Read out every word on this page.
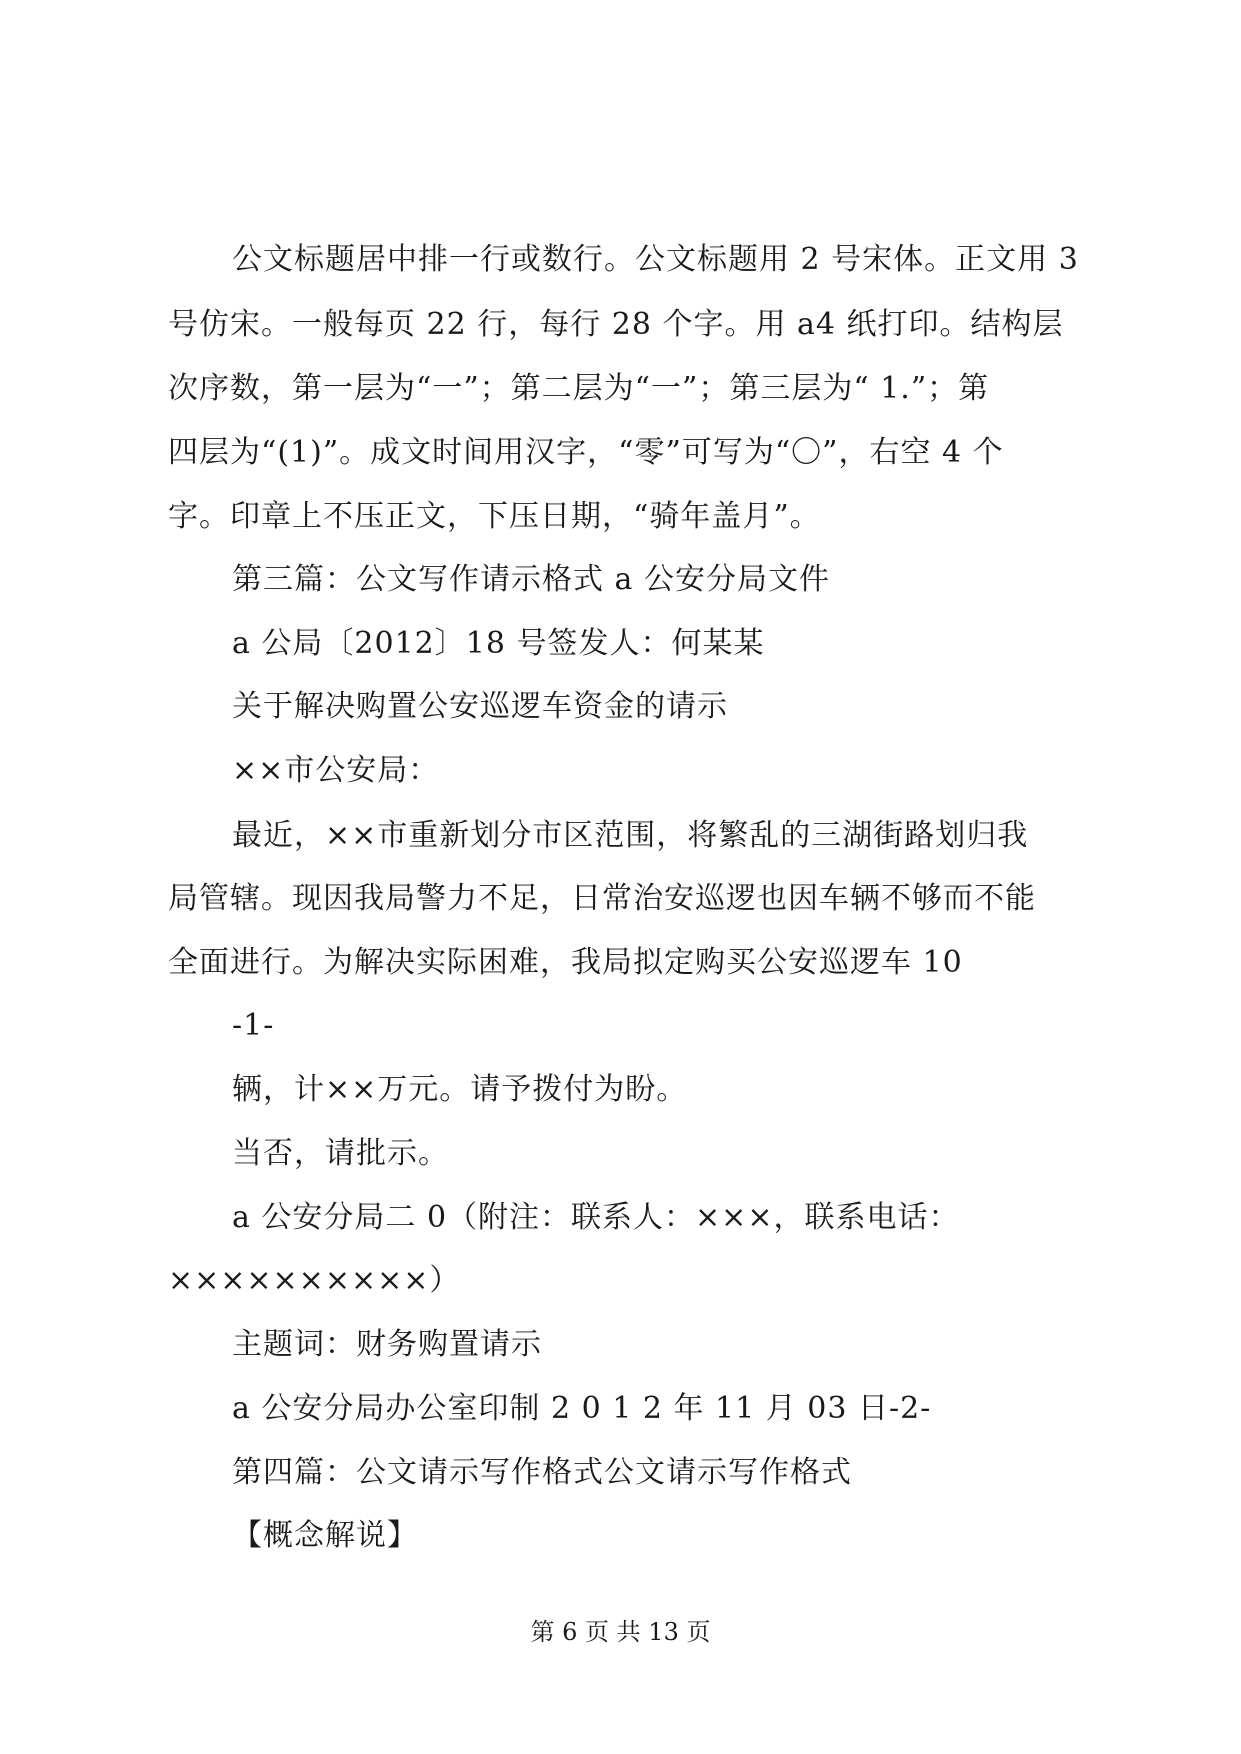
公文标题居中排一行或数行。公文标题用 2 号宋体。正文用 3
号仿宋。一般每页 22 行，每行 28 个字。用 a4 纸打印。结构层
次序数，第一层为“一”；第二层为“一”；第三层为“ 1.”；第
四层为“(1)”。成文时间用汉字，“零”可写为“〇”，右空 4 个
字。印章上不压正文，下压日期，“骑年盖月”。
第三篇：公文写作请示格式 a 公安分局文件
a 公局〔2012〕18 号签发人：何某某
关于解决购置公安巡逻车资金的请示
××市公安局：
最近，××市重新划分市区范围，将繁乱的三湖街路划归我
局管辖。现因我局警力不足，日常治安巡逻也因车辆不够而不能
全面进行。为解决实际困难，我局拟定购买公安巡逻车 10
-1-
辆，计××万元。请予拨付为盼。
当否，请批示。
a 公安分局二 0（附注：联系人：×××，联系电话：
××××××××××）
主题词：财务购置请示
a 公安分局办公室印制 2 0 1 2 年 11 月 03 日-2-
第四篇：公文请示写作格式公文请示写作格式
【概念解说】
第 6 页 共 13 页
